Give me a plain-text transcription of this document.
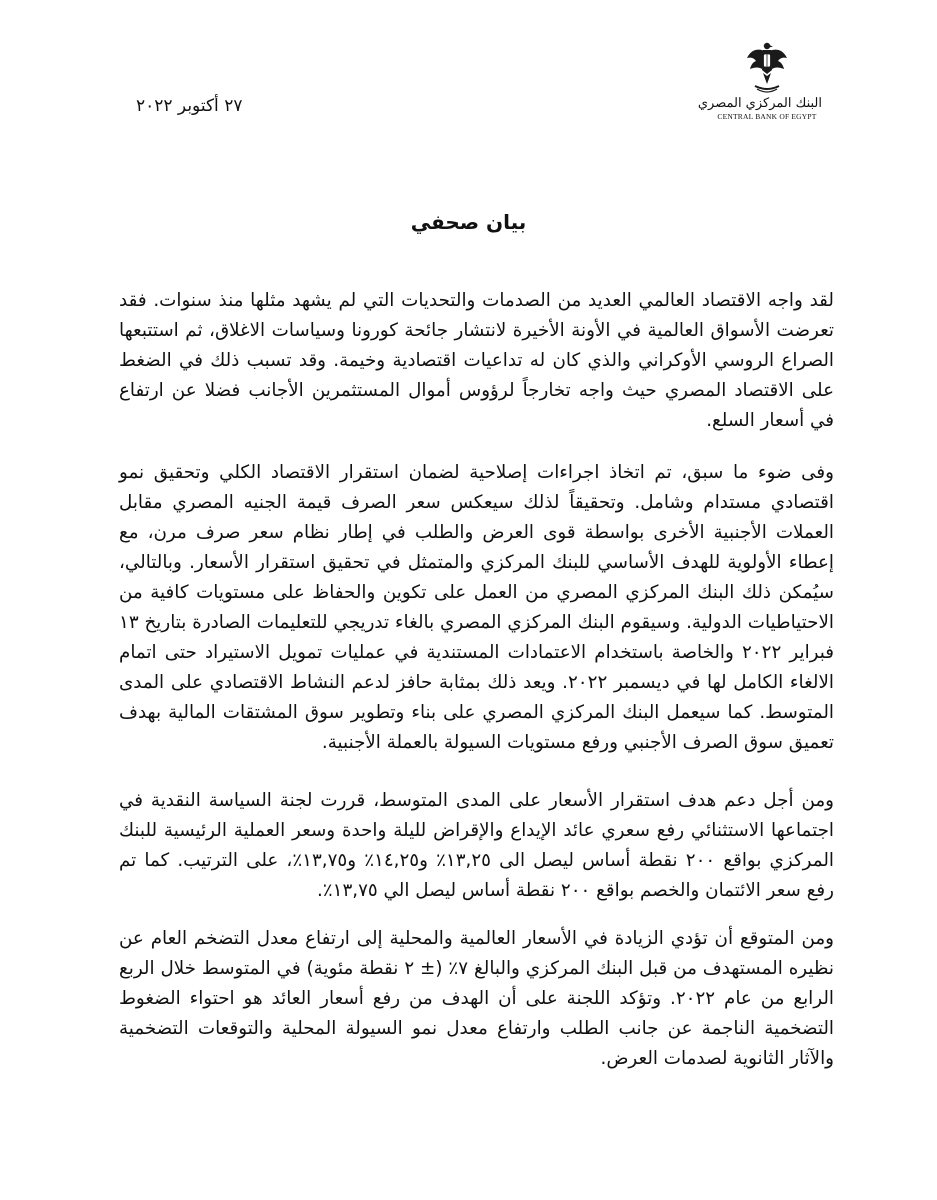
البنك المركزي المصري
CENTRAL BANK OF EGYPT
٢٧ أكتوبر ٢٠٢٢
بيان صحفي

لقد واجه الاقتصاد العالمي العديد من الصدمات والتحديات التي لم يشهد مثلها منذ سنوات. فقد تعرضت الأسواق العالمية في الأونة الأخيرة لانتشار جائحة كورونا وسياسات الاغلاق، ثم استتبعها الصراع الروسي الأوكراني والذي كان له تداعيات اقتصادية وخيمة. وقد تسبب ذلك في الضغط على الاقتصاد المصري حيث واجه تخارجاً لرؤوس أموال المستثمرين الأجانب فضلا عن ارتفاع في أسعار السلع.

وفى ضوء ما سبق، تم اتخاذ اجراءات إصلاحية لضمان استقرار الاقتصاد الكلي وتحقيق نمو اقتصادي مستدام وشامل. وتحقيقاً لذلك سيعكس سعر الصرف قيمة الجنيه المصري مقابل العملات الأجنبية الأخرى بواسطة قوى العرض والطلب في إطار نظام سعر صرف مرن، مع إعطاء الأولوية للهدف الأساسي للبنك المركزي والمتمثل في تحقيق استقرار الأسعار. وبالتالي، سيُمكن ذلك البنك المركزي المصري من العمل على تكوين والحفاظ على مستويات كافية من الاحتياطيات الدولية. وسيقوم البنك المركزي المصري بالغاء تدريجي للتعليمات الصادرة بتاريخ ١٣ فبراير ٢٠٢٢ والخاصة باستخدام الاعتمادات المستندية في عمليات تمويل الاستيراد حتى اتمام الالغاء الكامل لها في ديسمبر ٢٠٢٢. ويعد ذلك بمثابة حافز لدعم النشاط الاقتصادي على المدى المتوسط. كما سيعمل البنك المركزي المصري على بناء وتطوير سوق المشتقات المالية بهدف تعميق سوق الصرف الأجنبي ورفع مستويات السيولة بالعملة الأجنبية.

ومن أجل دعم هدف استقرار الأسعار على المدى المتوسط، قررت لجنة السياسة النقدية في اجتماعها الاستثنائي رفع سعري عائد الإيداع والإقراض لليلة واحدة وسعر العملية الرئيسية للبنك المركزي بواقع ٢٠٠ نقطة أساس ليصل الى ١٣,٢٥٪ و١٤,٢٥٪ و١٣,٧٥٪، على الترتيب. كما تم رفع سعر الائتمان والخصم بواقع ٢٠٠ نقطة أساس ليصل الي ١٣,٧٥٪.

ومن المتوقع أن تؤدي الزيادة في الأسعار العالمية والمحلية إلى ارتفاع معدل التضخم العام عن نظيره المستهدف من قبل البنك المركزي والبالغ ٧٪ (± ٢ نقطة مئوية) في المتوسط خلال الربع الرابع من عام ٢٠٢٢. وتؤكد اللجنة على أن الهدف من رفع أسعار العائد هو احتواء الضغوط التضخمية الناجمة عن جانب الطلب وارتفاع معدل نمو السيولة المحلية والتوقعات التضخمية والآثار الثانوية لصدمات العرض.
